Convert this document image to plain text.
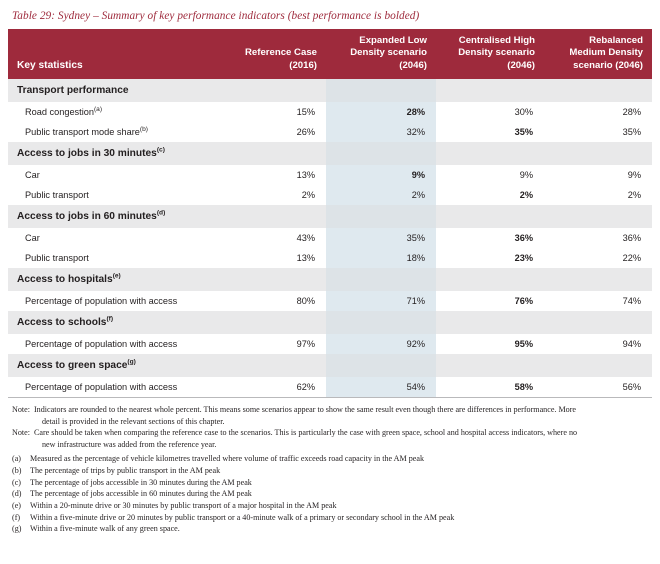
Table 29: Sydney – Summary of key performance indicators (best performance is bolded)
Key statistics	Reference Case (2016)	Expanded Low Density scenario (2046)	Centralised High Density scenario (2046)	Rebalanced Medium Density scenario (2046)
Transport performance				
Road congestion$^{(a)}$	15%	28%	30%	28%
Public transport mode share$^{(b)}$	26%	32%	35%	35%
Access to jobs in 30 minutes$^{(c)}$				
Car	13%	9%	9%	9%
Public transport	2%	2%	2%	2%
Access to jobs in 60 minutes$^{(d)}$				
Car	43%	35%	36%	36%
Public transport	13%	18%	23%	22%
Access to hospitals$^{(e)}$				
Percentage of population with access	80%	71%	76%	74%
Access to schools$^{(f)}$				
Percentage of population with access	97%	92%	95%	94%
Access to green space$^{(g)}$				
Percentage of population with access	62%	54%	58%	56%
Note: Indicators are rounded to the nearest whole percent. This means some scenarios appear to show the same result even though there are differences in performance. More
detail is provided in the relevant sections of this chapter.
Note: Care should be taken when comparing the reference case to the scenarios. This is particularly the case with green space, school and hospital access indicators, where no
new infrastructure was added from the reference year.
(a)	Measured as the percentage of vehicle kilometres travelled where volume of traffic exceeds road capacity in the AM peak
(b)	The percentage of trips by public transport in the AM peak
(c)	The percentage of jobs accessible in 30 minutes during the AM peak
(d)	The percentage of jobs accessible in 60 minutes during the AM peak
(e)	Within a 20-minute drive or 30 minutes by public transport of a major hospital in the AM peak
(f)	Within a five-minute drive or 20 minutes by public transport or a 40-minute walk of a primary or secondary school in the AM peak
(g)	Within a five-minute walk of any green space.
